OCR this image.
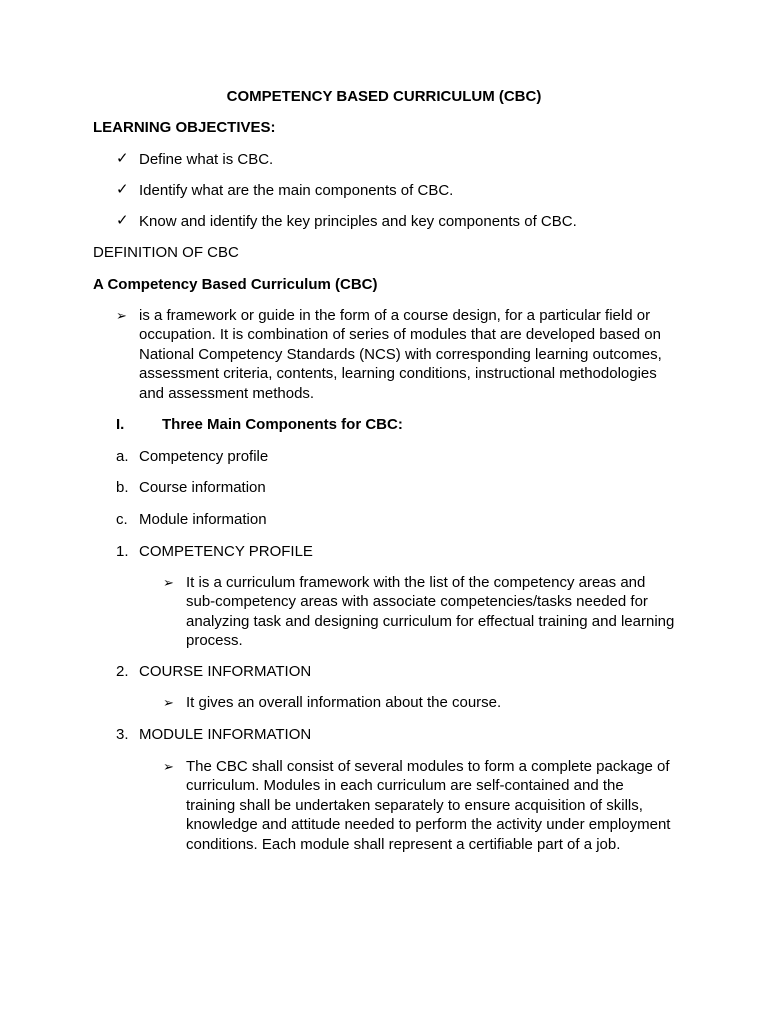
COMPETENCY BASED CURRICULUM (CBC)
LEARNING OBJECTIVES:
✓ Define what is CBC.
✓ Identify what are the main components of CBC.
✓ Know and identify the key principles and key components of CBC.
DEFINITION OF CBC
A Competency Based Curriculum (CBC)
➢ is a framework or guide in the form of a course design, for a particular field or occupation. It is combination of series of modules that are developed based on National Competency Standards (NCS) with corresponding learning outcomes, assessment criteria, contents, learning conditions, instructional methodologies and assessment methods.
I.	Three Main Components for CBC:
a. Competency profile
b. Course information
c. Module information
1. COMPETENCY PROFILE
➢ It is a curriculum framework with the list of the competency areas and sub-competency areas with associate competencies/tasks needed for analyzing task and designing curriculum for effectual training and learning process.
2. COURSE INFORMATION
➢ It gives an overall information about the course.
3. MODULE INFORMATION
➢ The CBC shall consist of several modules to form a complete package of curriculum. Modules in each curriculum are self-contained and the training shall be undertaken separately to ensure acquisition of skills, knowledge and attitude needed to perform the activity under employment conditions. Each module shall represent a certifiable part of a job.
